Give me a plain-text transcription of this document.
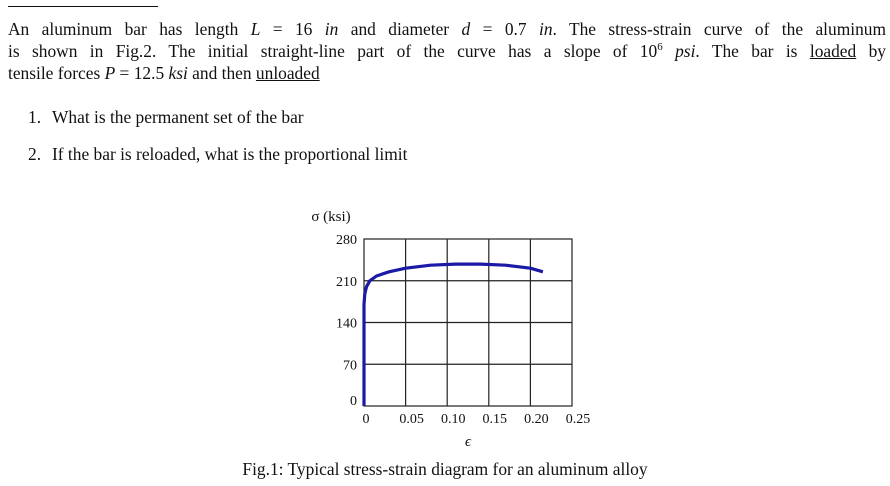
An aluminum bar has length L = 16 in and diameter d = 0.7 in. The stress-strain curve of the aluminum
is shown in Fig.2. The initial straight-line part of the curve has a slope of $10^6$ psi. The bar is loaded by
tensile forces P = 12.5 ksi and then unloaded
1. What is the permanent set of the bar
2. If the bar is reloaded, what is the proportional limit
0 0.05 0.10 0.15 0.20 0.25
0
70
140
210
280
σ (ksi)
ϵ
Fig.1: Typical stress-strain diagram for an aluminum alloy
